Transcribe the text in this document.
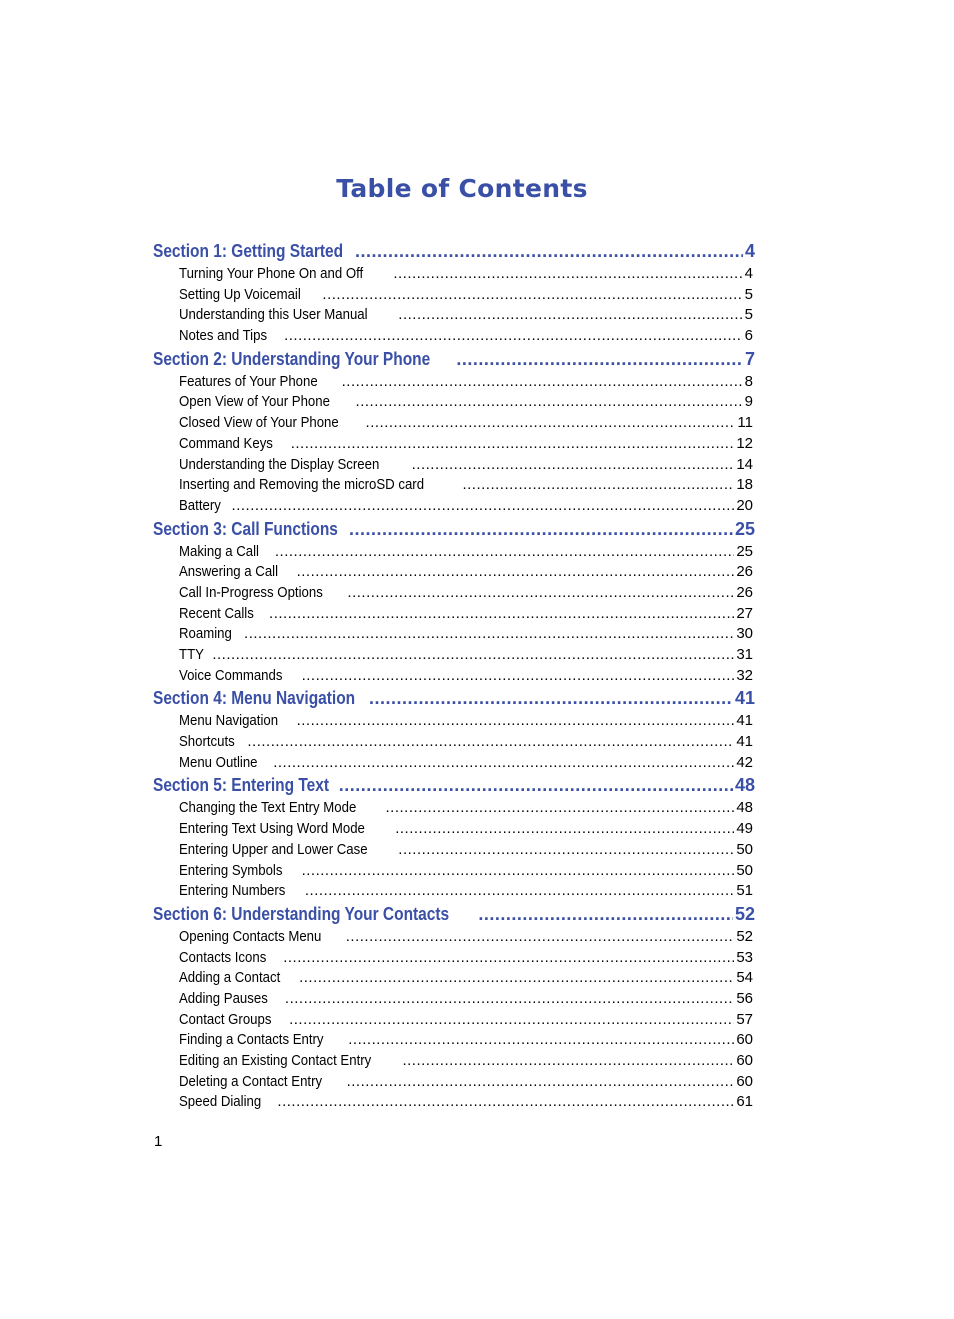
Table of Contents
Section 1: Getting Started .....	4
Turning Your Phone On and Off .....	4
Setting Up Voicemail .....	5
Understanding this User Manual .....	5
Notes and Tips .....	6
Section 2: Understanding Your Phone .....	7
Features of Your Phone .....	8
Open View of Your Phone .....	9
Closed View of Your Phone .....	11
Command Keys .....	12
Understanding the Display Screen .....	14
Inserting and Removing the microSD card .....	18
Battery .....	20
Section 3: Call Functions .....	25
Making a Call .....	25
Answering a Call .....	26
Call In-Progress Options .....	26
Recent Calls .....	27
Roaming .....	30
TTY .....	31
Voice Commands .....	32
Section 4: Menu Navigation .....	41
Menu Navigation .....	41
Shortcuts .....	41
Menu Outline .....	42
Section 5: Entering Text .....	48
Changing the Text Entry Mode .....	48
Entering Text Using Word Mode .....	49
Entering Upper and Lower Case .....	50
Entering Symbols .....	50
Entering Numbers .....	51
Section 6: Understanding Your Contacts .....	52
Opening Contacts Menu .....	52
Contacts Icons .....	53
Adding a Contact .....	54
Adding Pauses .....	56
Contact Groups .....	57
Finding a Contacts Entry .....	60
Editing an Existing Contact Entry .....	60
Deleting a Contact Entry .....	60
Speed Dialing .....	61
1
